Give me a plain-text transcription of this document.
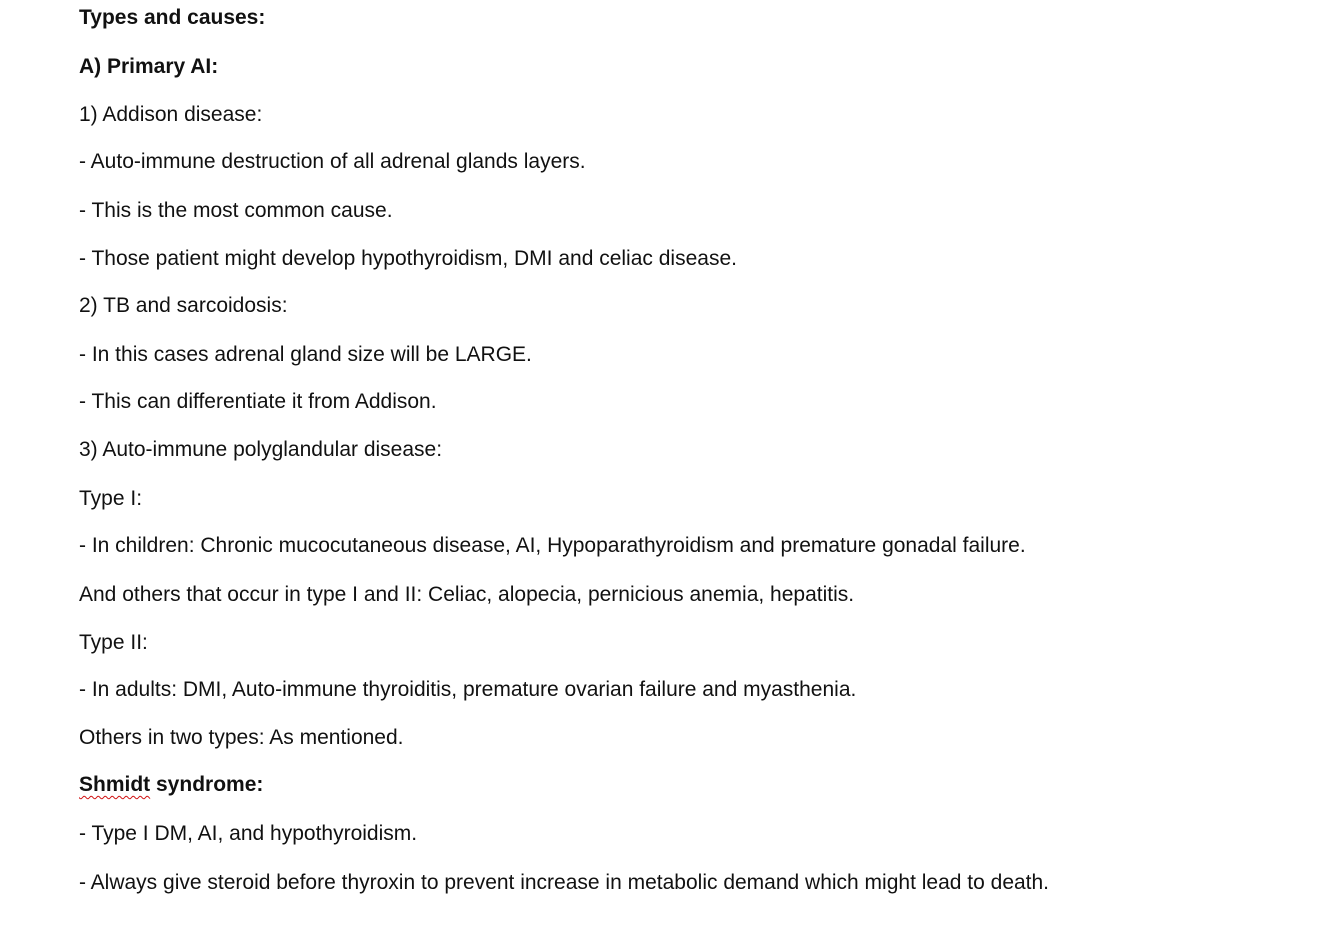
Types and causes:
A) Primary AI:
1) Addison disease:
- Auto-immune destruction of all adrenal glands layers.
- This is the most common cause.
- Those patient might develop hypothyroidism, DMI and celiac disease.
2) TB and sarcoidosis:
- In this cases adrenal gland size will be LARGE.
- This can differentiate it from Addison.
3) Auto-immune polyglandular disease:
Type I:
- In children: Chronic mucocutaneous disease, AI, Hypoparathyroidism and premature gonadal failure.
And others that occur in type I and II: Celiac, alopecia, pernicious anemia, hepatitis.
Type II:
- In adults: DMI, Auto-immune thyroiditis, premature ovarian failure and myasthenia.
Others in two types: As mentioned.
Shmidt syndrome:
- Type I DM, AI, and hypothyroidism.
- Always give steroid before thyroxin to prevent increase in metabolic demand which might lead to death.
